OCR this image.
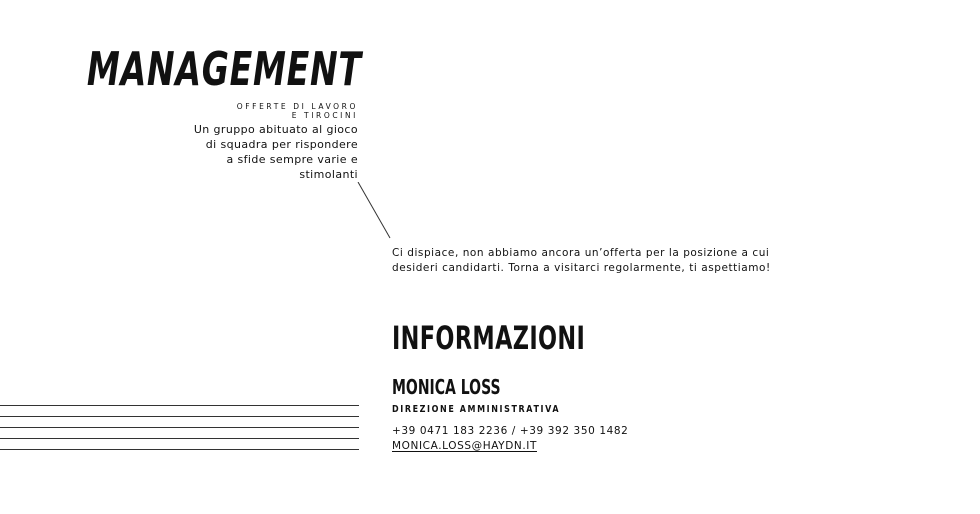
MANAGEMENT

OFFERTE DI LAVORO
E TIROCINI

Un gruppo abituato al gioco
di squadra per rispondere
a sfide sempre varie e
stimolanti

Ci dispiace, non abbiamo ancora un’offerta per la posizione a cui
desideri candidarti. Torna a visitarci regolarmente, ti aspettiamo!

INFORMAZIONI
MONICA LOSS

DIREZIONE AMMINISTRATIVA

+39 0471 183 2236 / +39 392 350 1482

MONICA.LOSS@HAYDN.IT
